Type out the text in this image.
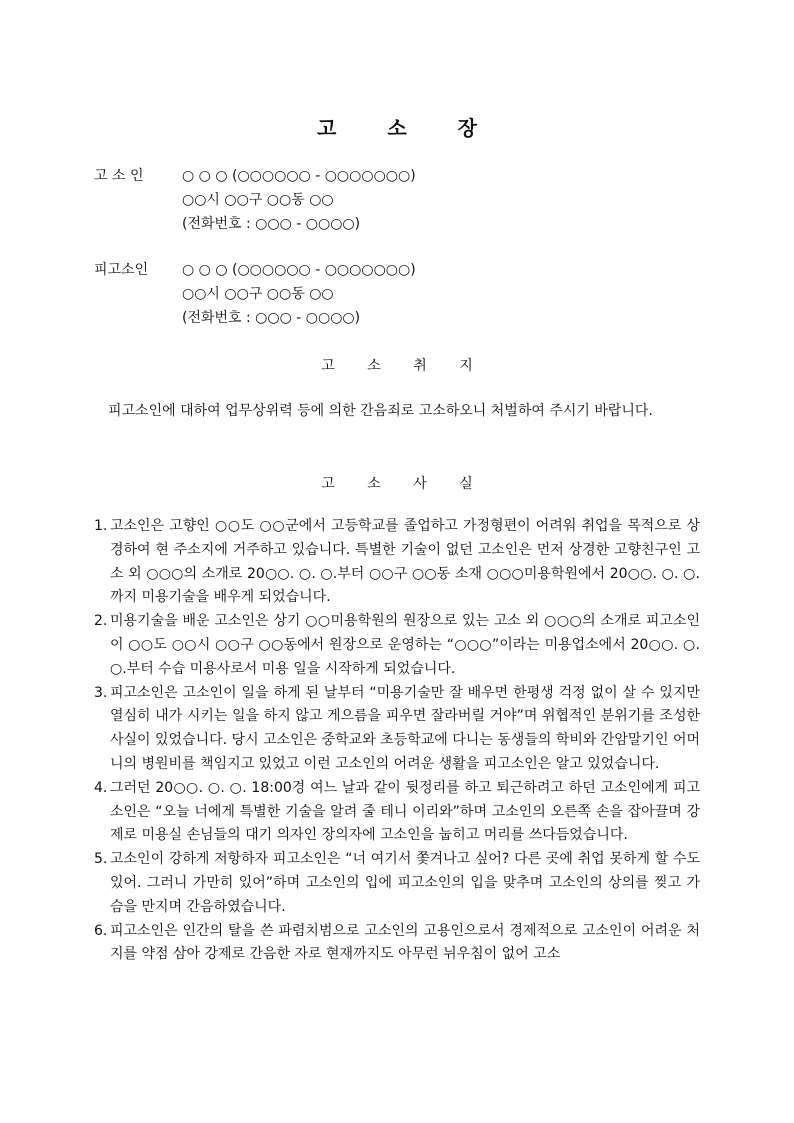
고 소 장
고 소 인	○ ○ ○ (○○○○○○ - ○○○○○○○)
○○시 ○○구 ○○동 ○○
(전화번호 : ○○○ - ○○○○)
피고소인	○ ○ ○ (○○○○○○ - ○○○○○○○)
○○시 ○○구 ○○동 ○○
(전화번호 : ○○○ - ○○○○)
고 소 취 지
피고소인에 대하여 업무상위력 등에 의한 간음죄로 고소하오니 처벌하여 주시기 바랍니다.
고 소 사 실

1. 고소인은 고향인 ○○도 ○○군에서 고등학교를 졸업하고 가정형편이 어려워 취업을 목적으로 상경하여 현 주소지에 거주하고 있습니다. 특별한 기술이 없던 고소인은 먼저 상경한 고향친구인 고소 외 ○○○의 소개로 20○○. ○. ○.부터 ○○구 ○○동 소재 ○○○미용학원에서 20○○. ○. ○.까지 미용기술을 배우게 되었습니다.

2. 미용기술을 배운 고소인은 상기 ○○미용학원의 원장으로 있는 고소 외 ○○○의 소개로 피고소인이 ○○도 ○○시 ○○구 ○○동에서 원장으로 운영하는 “○○○”이라는 미용업소에서 20○○. ○. ○.부터 수습 미용사로서 미용 일을 시작하게 되었습니다.

3. 피고소인은 고소인이 일을 하게 된 날부터 “미용기술만 잘 배우면 한평생 걱정 없이 살 수 있지만 열심히 내가 시키는 일을 하지 않고 게으름을 피우면 잘라버릴 거야”며 위협적인 분위기를 조성한 사실이 있었습니다. 당시 고소인은 중학교와 초등학교에 다니는 동생들의 학비와 간암말기인 어머니의 병원비를 책임지고 있었고 이런 고소인의 어려운 생활을 피고소인은 알고 있었습니다.

4. 그러던 20○○. ○. ○. 18:00경 여느 날과 같이 뒷정리를 하고 퇴근하려고 하던 고소인에게 피고소인은 “오늘 너에게 특별한 기술을 알려 줄 테니 이리와”하며 고소인의 오른쪽 손을 잡아끌며 강제로 미용실 손님들의 대기 의자인 장의자에 고소인을 눕히고 머리를 쓰다듬었습니다.

5. 고소인이 강하게 저항하자 피고소인은 “너 여기서 쫓겨나고 싶어? 다른 곳에 취업 못하게 할 수도 있어. 그러니 가만히 있어”하며 고소인의 입에 피고소인의 입을 맞추며 고소인의 상의를 찢고 가슴을 만지며 간음하였습니다.

6. 피고소인은 인간의 탈을 쓴 파렴치범으로 고소인의 고용인으로서 경제적으로 고소인이 어려운 처지를 약점 삼아 강제로 간음한 자로 현재까지도 아무런 뉘우침이 없어 고소
